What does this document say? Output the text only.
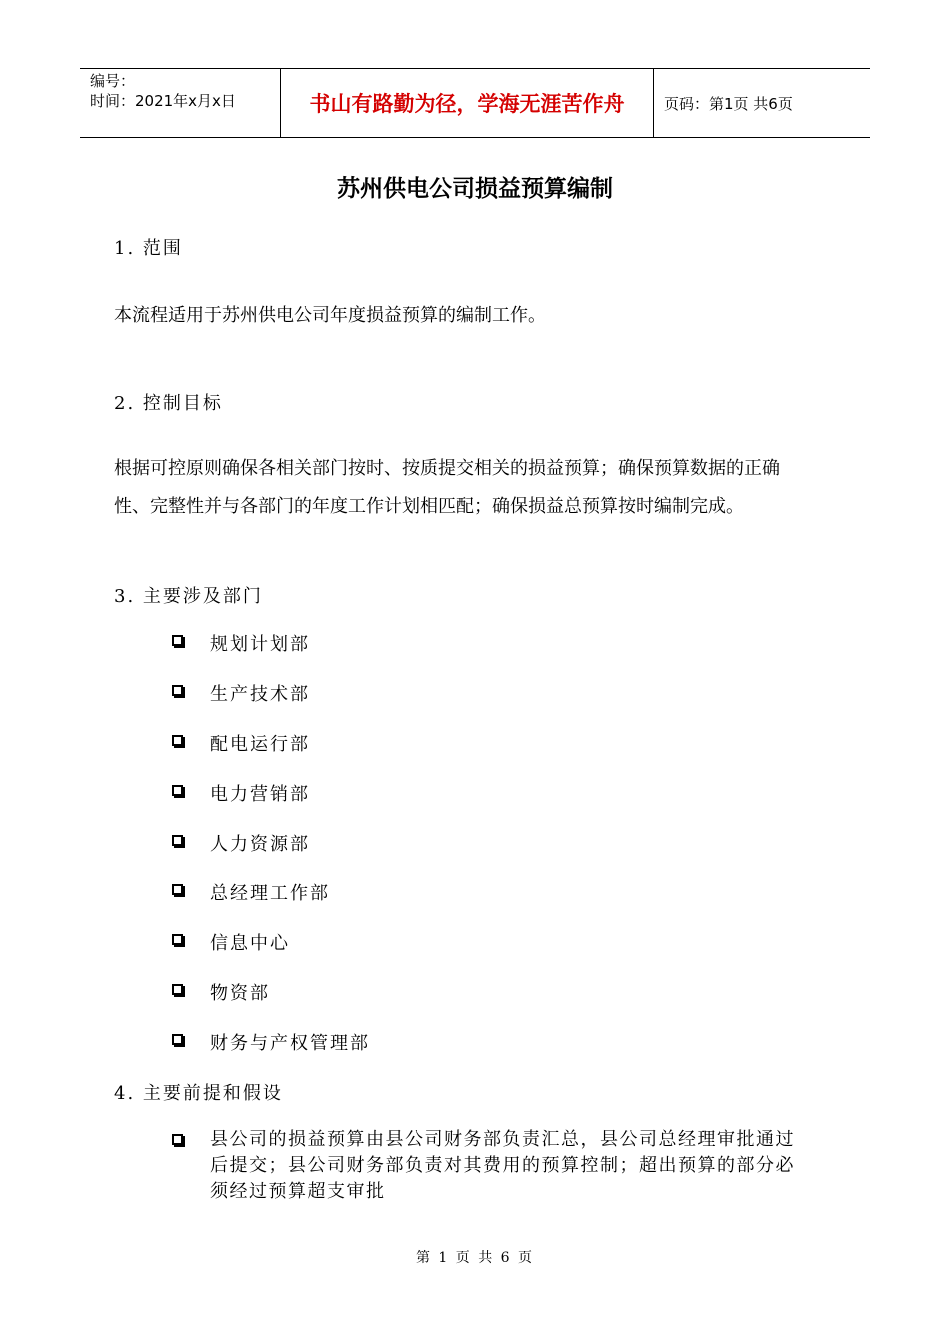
编号：
时间：2021年x月x日	书山有路勤为径，学海无涯苦作舟	页码：第1页 共6页
苏州供电公司损益预算编制
1. 范围
本流程适用于苏州供电公司年度损益预算的编制工作。
2. 控制目标
根据可控原则确保各相关部门按时、按质提交相关的损益预算；确保预算数据的正确
性、完整性并与各部门的年度工作计划相匹配；确保损益总预算按时编制完成。
3. 主要涉及部门
规划计划部
生产技术部
配电运行部
电力营销部
人力资源部
总经理工作部
信息中心
物资部
财务与产权管理部
4. 主要前提和假设
县公司的损益预算由县公司财务部负责汇总，县公司总经理审批通过
后提交；县公司财务部负责对其费用的预算控制；超出预算的部分必
须经过预算超支审批
第 1 页 共 6 页
